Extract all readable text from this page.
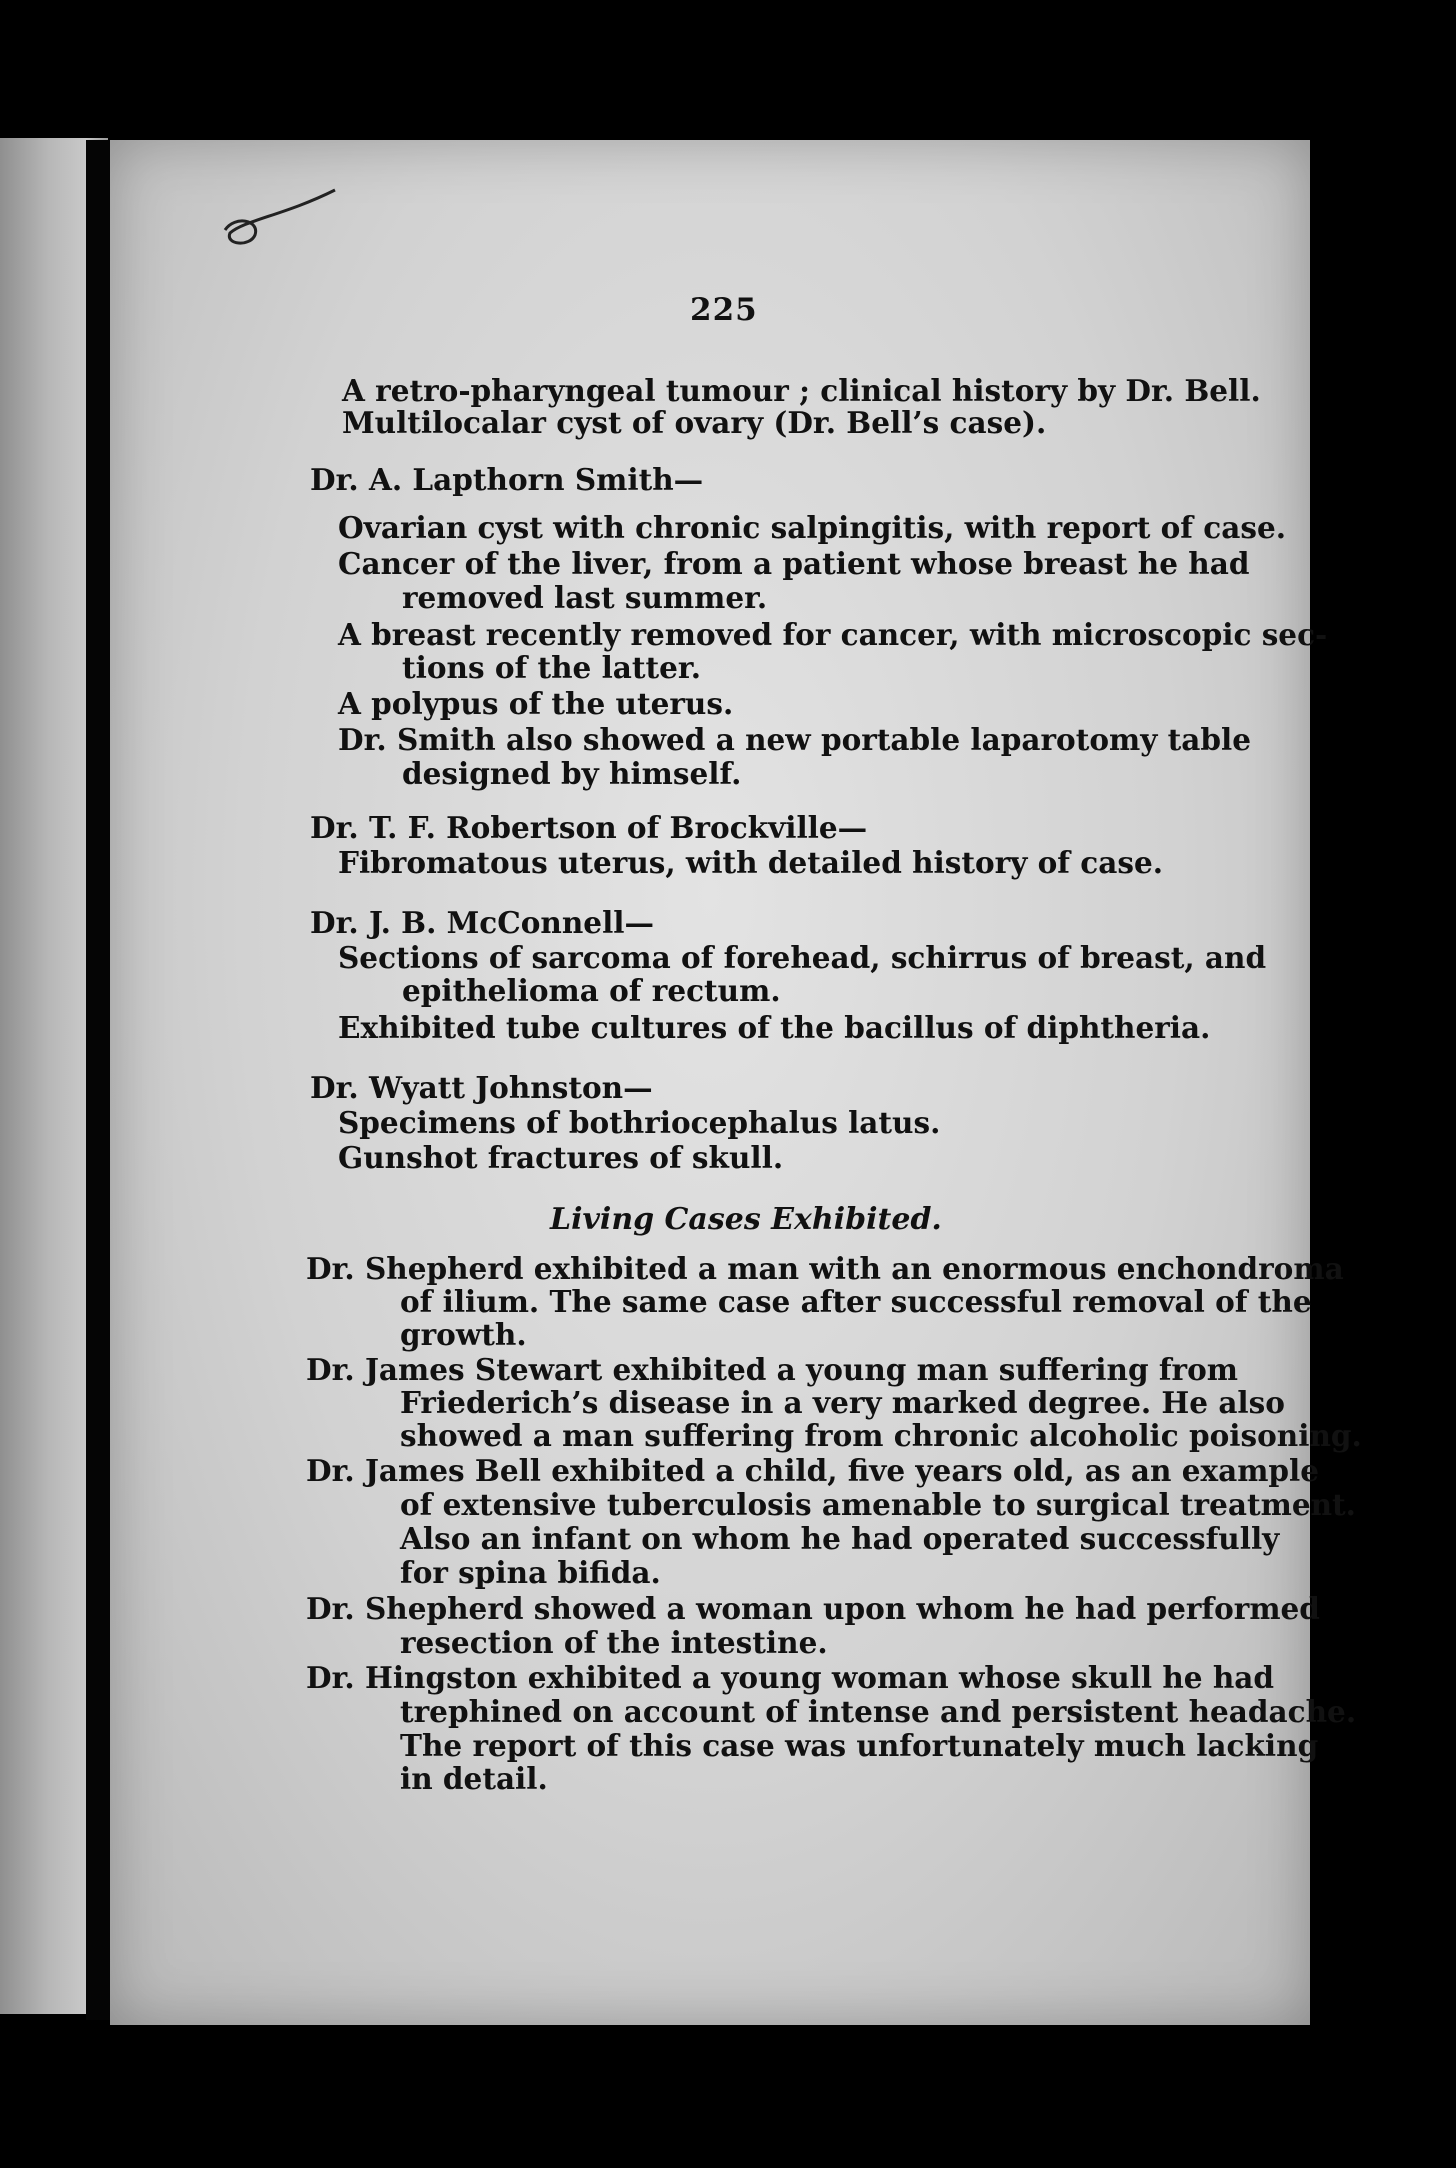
225
A retro-pharyngeal tumour ; clinical history by Dr. Bell.
Multilocalar cyst of ovary (Dr. Bell’s case).
Dr. A. Lapthorn Smith—
Ovarian cyst with chronic salpingitis, with report of case.
Cancer of the liver, from a patient whose breast he had
removed last summer.
A breast recently removed for cancer, with microscopic sec-
tions of the latter.
A polypus of the uterus.
Dr. Smith also showed a new portable laparotomy table
designed by himself.
Dr. T. F. Robertson of Brockville—
Fibromatous uterus, with detailed history of case.
Dr. J. B. McConnell—
Sections of sarcoma of forehead, schirrus of breast, and
epithelioma of rectum.
Exhibited tube cultures of the bacillus of diphtheria.
Dr. Wyatt Johnston—
Specimens of bothriocephalus latus.
Gunshot fractures of skull.
Living Cases Exhibited.
Dr. Shepherd exhibited a man with an enormous enchondroma
of ilium. The same case after successful removal of the
growth.
Dr. James Stewart exhibited a young man suffering from
Friederich’s disease in a very marked degree. He also
showed a man suffering from chronic alcoholic poisoning.
Dr. James Bell exhibited a child, five years old, as an example
of extensive tuberculosis amenable to surgical treatment.
Also an infant on whom he had operated successfully
for spina bifida.
Dr. Shepherd showed a woman upon whom he had performed
resection of the intestine.
Dr. Hingston exhibited a young woman whose skull he had
trephined on account of intense and persistent headache.
The report of this case was unfortunately much lacking
in detail.
